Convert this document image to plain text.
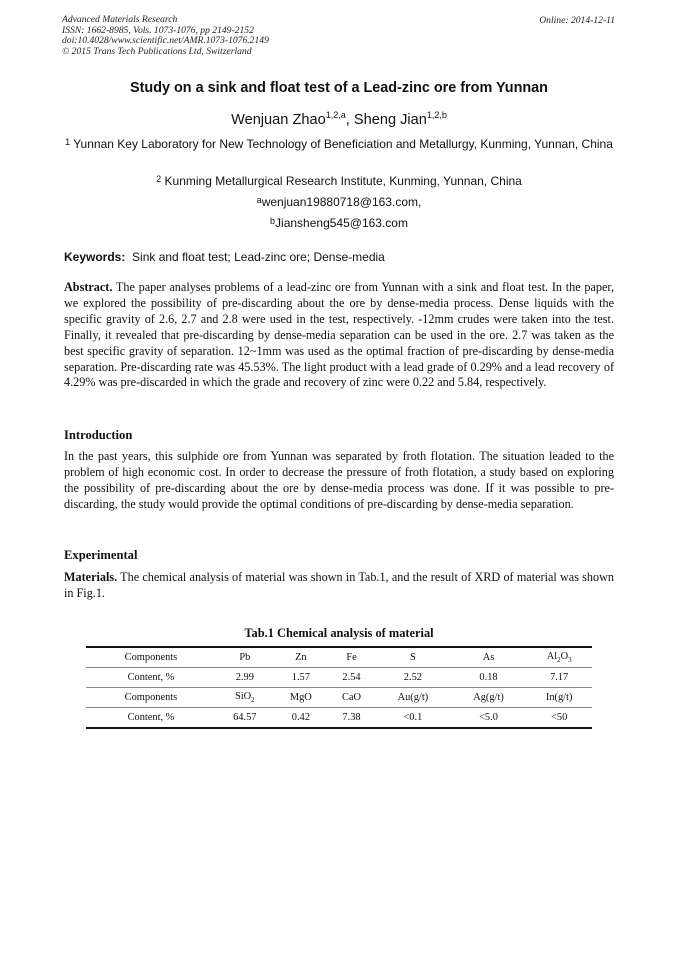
Advanced Materials Research
ISSN: 1662-8985, Vols. 1073-1076, pp 2149-2152
doi:10.4028/www.scientific.net/AMR.1073-1076.2149
© 2015 Trans Tech Publications Ltd, Switzerland
Online: 2014-12-11
Study on a sink and float test of a Lead-zinc ore from Yunnan
Wenjuan Zhao$^{1,2,a}$, Sheng Jian$^{1,2,b}$
$^1$ Yunnan Key Laboratory for New Technology of Beneficiation and Metallurgy, Kunming, Yunnan, China
$^2$ Kunming Metallurgical Research Institute, Kunming, Yunnan, China
$^a$wenjuan19880718@163.com,
$^b$Jiansheng545@163.com
Keywords: Sink and float test; Lead-zinc ore; Dense-media

Abstract. The paper analyses problems of a lead-zinc ore from Yunnan with a sink and float test. In the paper, we explored the possibility of pre-discarding about the ore by dense-media process. Dense liquids with the specific gravity of 2.6, 2.7 and 2.8 were used in the test, respectively. -12mm crudes were taken into the test. Finally, it revealed that pre-discarding by dense-media separation can be used in the ore. 2.7 was taken as the best specific gravity of separation. 12~1mm was used as the optimal fraction of pre-discarding by dense-media separation. Pre-discarding rate was 45.53%. The light product with a lead grade of 0.29% and a lead recovery of 4.29% was pre-discarded in which the grade and recovery of zinc were 0.22 and 5.84, respectively.

Introduction

In the past years, this sulphide ore from Yunnan was separated by froth flotation. The situation leaded to the problem of high economic cost. In order to decrease the pressure of froth flotation, a study based on exploring the possibility of pre-discarding about the ore by dense-media process was done. If it was possible to pre-discarding, the study would provide the optimal conditions of pre-discarding by dense-media separation.

Experimental

Materials. The chemical analysis of material was shown in Tab.1, and the result of XRD of material was shown in Fig.1.

Tab.1 Chemical analysis of material
Components	Pb	Zn	Fe	S	As	$Al_2O_3$
Content, %	2.99	1.57	2.54	2.52	0.18	7.17
Components	SiO$_2$	MgO	CaO	Au(g/t)	Ag(g/t)	In(g/t)
Content, %	64.57	0.42	7.38	<0.1	<5.0	<50
